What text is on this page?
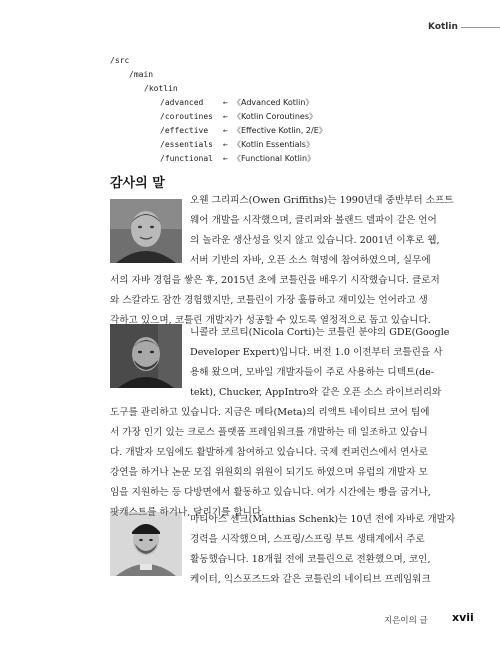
Kotlin
/src
/main
/kotlin
/advanced ← 《Advanced Kotlin》
/coroutines ← 《Kotlin Coroutines》
/effective ← 《Effective Kotlin, 2/E》
/essentials ← 《Kotlin Essentials》
/functional ← 《Functional Kotlin》
감사의 말
오웬 그리피스(Owen Griffiths)는 1990년대 중반부터 소프트
웨어 개발을 시작했으며, 클리퍼와 볼랜드 델파이 같은 언어
의 놀라운 생산성을 잊지 않고 있습니다. 2001년 이후로 웹,
서버 기반의 자바, 오픈 소스 혁명에 참여하였으며, 실무에
서의 자바 경험을 쌓은 후, 2015년 초에 코틀린을 배우기 시작했습니다. 클로저
와 스칼라도 잠깐 경험했지만, 코틀린이 가장 훌륭하고 재미있는 언어라고 생
각하고 있으며, 코틀린 개발자가 성공할 수 있도록 열정적으로 돕고 있습니다.
니콜라 코르티(Nicola Corti)는 코틀린 분야의 GDE(Google
Developer Expert)입니다. 버전 1.0 이전부터 코틀린을 사
용해 왔으며, 모바일 개발자들이 주로 사용하는 디텍트(de-
tekt), Chucker, AppIntro와 같은 오픈 소스 라이브러리와
도구를 관리하고 있습니다. 지금은 메타(Meta)의 리액트 네이티브 코어 팀에
서 가장 인기 있는 크로스 플랫폼 프레임워크를 개발하는 데 일조하고 있습니
다. 개발자 모임에도 활발하게 참여하고 있습니다. 국제 컨퍼런스에서 연사로
강연을 하거나 논문 모집 위원회의 위원이 되기도 하였으며 유럽의 개발자 모
임을 지원하는 등 다방면에서 활동하고 있습니다. 여가 시간에는 빵을 굽거나,
팟캐스트를 하거나, 달리기를 합니다.
마티아스 셴크(Matthias Schenk)는 10년 전에 자바로 개발자
경력을 시작했으며, 스프링/스프링 부트 생태계에서 주로
활동했습니다. 18개월 전에 코틀린으로 전환했으며, 코인,
케이터, 익스포즈드와 같은 코틀린의 네이티브 프레임워크
지은이의 글 xvii
